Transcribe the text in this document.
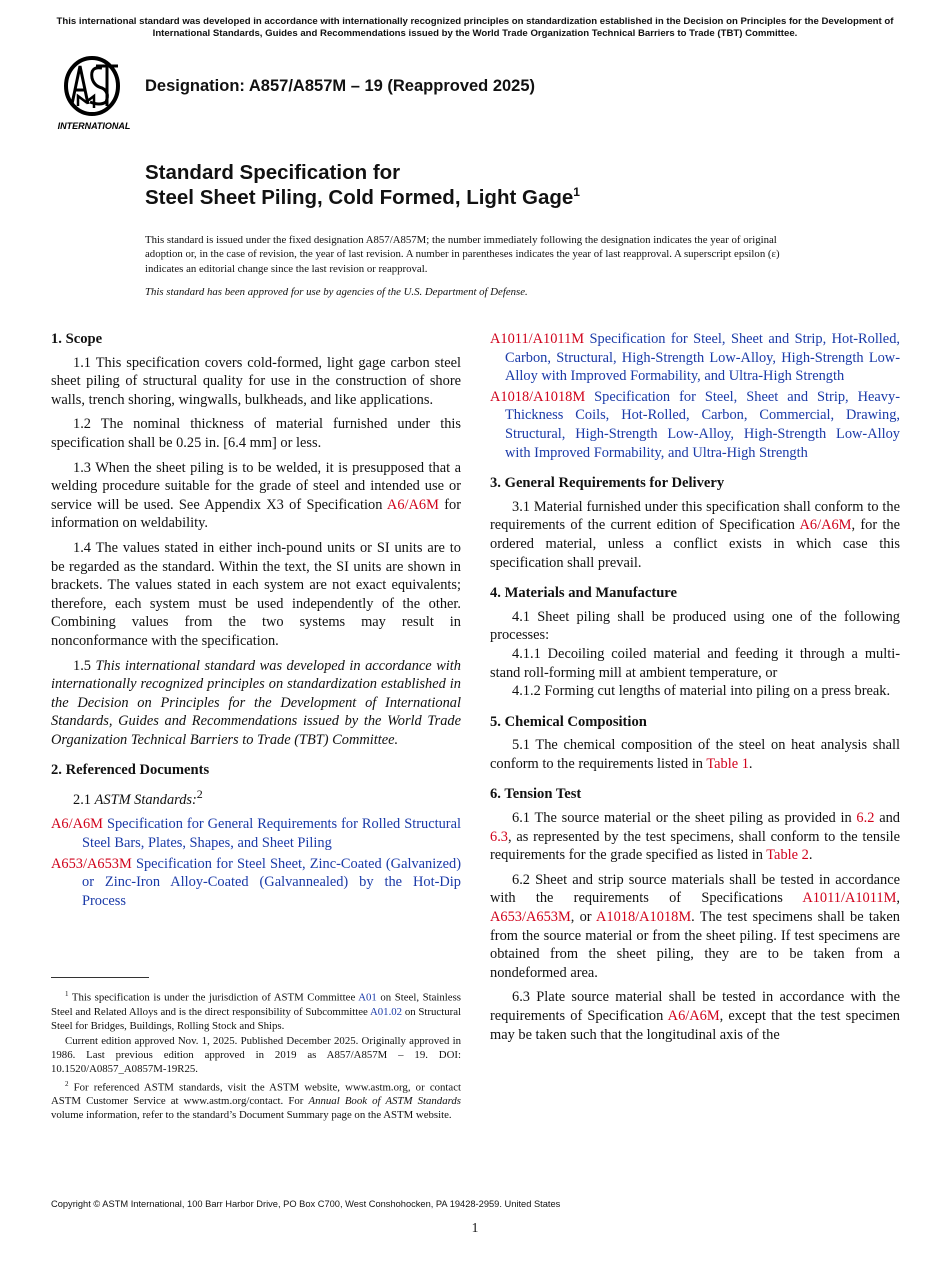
This international standard was developed in accordance with internationally recognized principles on standardization established in the Decision on Principles for the Development of International Standards, Guides and Recommendations issued by the World Trade Organization Technical Barriers to Trade (TBT) Committee.
INTERNATIONAL
Designation: A857/A857M – 19 (Reapproved 2025)
Standard Specification for
Steel Sheet Piling, Cold Formed, Light Gage$^1$

This standard is issued under the fixed designation A857/A857M; the number immediately following the designation indicates the year of original adoption or, in the case of revision, the year of last revision. A number in parentheses indicates the year of last reapproval. A superscript epsilon (ε) indicates an editorial change since the last revision or reapproval.

This standard has been approved for use by agencies of the U.S. Department of Defense.

1. Scope

1.1 This specification covers cold-formed, light gage carbon steel sheet piling of structural quality for use in the construction of shore walls, trench shoring, wingwalls, bulkheads, and like applications.

1.2 The nominal thickness of material furnished under this specification shall be 0.25 in. [6.4 mm] or less.

1.3 When the sheet piling is to be welded, it is presupposed that a welding procedure suitable for the grade of steel and intended use or service will be used. See Appendix X3 of Specification A6/A6M for information on weldability.

1.4 The values stated in either inch-pound units or SI units are to be regarded as the standard. Within the text, the SI units are shown in brackets. The values stated in each system are not exact equivalents; therefore, each system must be used independently of the other. Combining values from the two systems may result in nonconformance with the specification.

1.5 This international standard was developed in accordance with internationally recognized principles on standardization established in the Decision on Principles for the Development of International Standards, Guides and Recommendations issued by the World Trade Organization Technical Barriers to Trade (TBT) Committee.

2. Referenced Documents

2.1 ASTM Standards:$^2$

A6/A6M Specification for General Requirements for Rolled Structural Steel Bars, Plates, Shapes, and Sheet Piling
A653/A653M Specification for Steel Sheet, Zinc-Coated (Galvanized) or Zinc-Iron Alloy-Coated (Galvannealed) by the Hot-Dip Process
A1011/A1011M Specification for Steel, Sheet and Strip, Hot-Rolled, Carbon, Structural, High-Strength Low-Alloy, High-Strength Low-Alloy with Improved Formability, and Ultra-High Strength
A1018/A1018M Specification for Steel, Sheet and Strip, Heavy-Thickness Coils, Hot-Rolled, Carbon, Commercial, Drawing, Structural, High-Strength Low-Alloy, High-Strength Low-Alloy with Improved Formability, and Ultra-High Strength
3. General Requirements for Delivery

3.1 Material furnished under this specification shall conform to the requirements of the current edition of Specification A6/A6M, for the ordered material, unless a conflict exists in which case this specification shall prevail.

4. Materials and Manufacture

4.1 Sheet piling shall be produced using one of the following processes:

4.1.1 Decoiling coiled material and feeding it through a multi-stand roll-forming mill at ambient temperature, or

4.1.2 Forming cut lengths of material into piling on a press break.

5. Chemical Composition

5.1 The chemical composition of the steel on heat analysis shall conform to the requirements listed in Table 1.

6. Tension Test

6.1 The source material or the sheet piling as provided in 6.2 and 6.3, as represented by the test specimens, shall conform to the tensile requirements for the grade specified as listed in Table 2.

6.2 Sheet and strip source materials shall be tested in accordance with the requirements of Specifications A1011/A1011M, A653/A653M, or A1018/A1018M. The test specimens shall be taken from the source material or from the sheet piling. If test specimens are obtained from the sheet piling, they are to be taken from a nondeformed area.

6.3 Plate source material shall be tested in accordance with the requirements of Specification A6/A6M, except that the test specimen may be taken such that the longitudinal axis of the

$^1$ This specification is under the jurisdiction of ASTM Committee A01 on Steel, Stainless Steel and Related Alloys and is the direct responsibility of Subcommittee A01.02 on Structural Steel for Bridges, Buildings, Rolling Stock and Ships.

Current edition approved Nov. 1, 2025. Published December 2025. Originally approved in 1986. Last previous edition approved in 2019 as A857/A857M – 19. DOI: 10.1520/A0857_A0857M-19R25.

$^2$ For referenced ASTM standards, visit the ASTM website, www.astm.org, or contact ASTM Customer Service at www.astm.org/contact. For Annual Book of ASTM Standards volume information, refer to the standard’s Document Summary page on the ASTM website.

Copyright © ASTM International, 100 Barr Harbor Drive, PO Box C700, West Conshohocken, PA 19428-2959. United States
1
